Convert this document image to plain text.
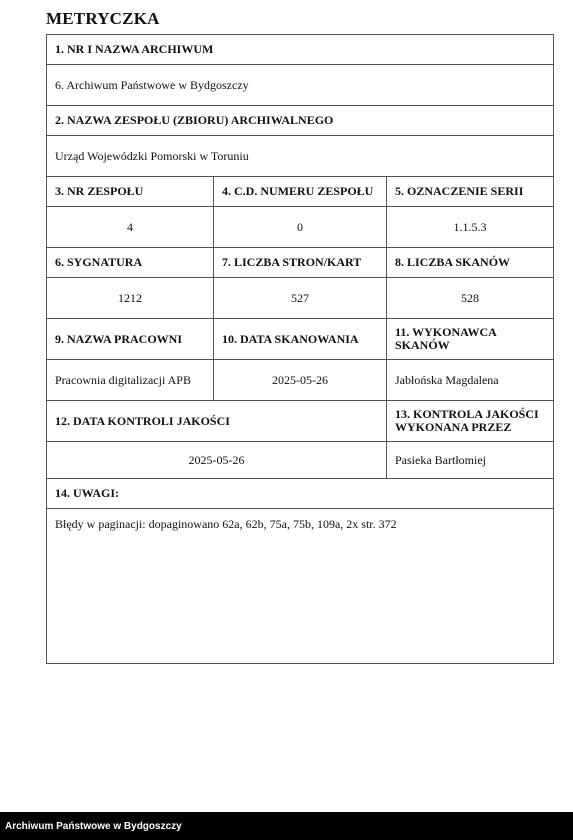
METRYCZKA
1. NR I NAZWA ARCHIWUM		
6. Archiwum Państwowe w Bydgoszczy		
2. NAZWA ZESPOŁU (ZBIORU) ARCHIWALNEGO		
Urząd Wojewódzki Pomorski w Toruniu		
3. NR ZESPOŁU	4. C.D. NUMERU ZESPOŁU	5. OZNACZENIE SERII
4	0	1.1.5.3
6. SYGNATURA	7. LICZBA STRON/KART	8. LICZBA SKANÓW
1212	527	528
9. NAZWA PRACOWNI	10. DATA SKANOWANIA	11. WYKONAWCA SKANÓW
Pracownia digitalizacji APB	2025-05-26	Jabłońska Magdalena
12. DATA KONTROLI JAKOŚCI		13. KONTROLA JAKOŚCI WYKONANA PRZEZ
2025-05-26		Pasieka Bartłomiej
14. UWAGI:		
Błędy w paginacji: dopaginowano 62a, 62b, 75a, 75b, 109a, 2x str. 372		
Archiwum Państwowe w Bydgoszczy
